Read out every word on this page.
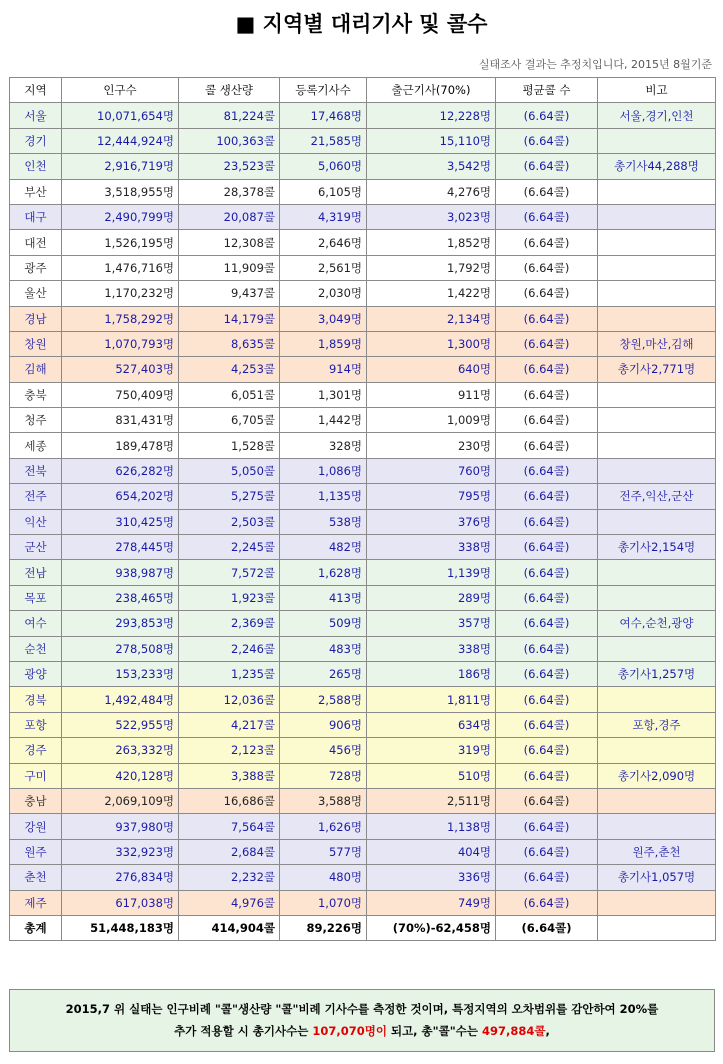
■ 지역별 대리기사 및 콜수
실태조사 결과는 추정치입니다, 2015년 8월기준
지역	인구수	콜 생산량	등록기사수	출근기사(70%)	평균콜 수	비고
서울	10,071,654명	81,224콜	17,468명	12,228명	(6.64콜)	서울,경기,인천
경기	12,444,924명	100,363콜	21,585명	15,110명	(6.64콜)	
인천	2,916,719명	23,523콜	5,060명	3,542명	(6.64콜)	총기사44,288명
부산	3,518,955명	28,378콜	6,105명	4,276명	(6.64콜)	
대구	2,490,799명	20,087콜	4,319명	3,023명	(6.64콜)	
대전	1,526,195명	12,308콜	2,646명	1,852명	(6.64콜)	
광주	1,476,716명	11,909콜	2,561명	1,792명	(6.64콜)	
울산	1,170,232명	9,437콜	2,030명	1,422명	(6.64콜)	
경남	1,758,292명	14,179콜	3,049명	2,134명	(6.64콜)	
창원	1,070,793명	8,635콜	1,859명	1,300명	(6.64콜)	창원,마산,김해
김해	527,403명	4,253콜	914명	640명	(6.64콜)	총기사2,771명
충북	750,409명	6,051콜	1,301명	911명	(6.64콜)	
청주	831,431명	6,705콜	1,442명	1,009명	(6.64콜)	
세종	189,478명	1,528콜	328명	230명	(6.64콜)	
전북	626,282명	5,050콜	1,086명	760명	(6.64콜)	
전주	654,202명	5,275콜	1,135명	795명	(6.64콜)	전주,익산,군산
익산	310,425명	2,503콜	538명	376명	(6.64콜)	
군산	278,445명	2,245콜	482명	338명	(6.64콜)	총기사2,154명
전남	938,987명	7,572콜	1,628명	1,139명	(6.64콜)	
목포	238,465명	1,923콜	413명	289명	(6.64콜)	
여수	293,853명	2,369콜	509명	357명	(6.64콜)	여수,순천,광양
순천	278,508명	2,246콜	483명	338명	(6.64콜)	
광양	153,233명	1,235콜	265명	186명	(6.64콜)	총기사1,257명
경북	1,492,484명	12,036콜	2,588명	1,811명	(6.64콜)	
포항	522,955명	4,217콜	906명	634명	(6.64콜)	포항,경주
경주	263,332명	2,123콜	456명	319명	(6.64콜)	
구미	420,128명	3,388콜	728명	510명	(6.64콜)	총기사2,090명
충남	2,069,109명	16,686콜	3,588명	2,511명	(6.64콜)	
강원	937,980명	7,564콜	1,626명	1,138명	(6.64콜)	
원주	332,923명	2,684콜	577명	404명	(6.64콜)	원주,춘천
춘천	276,834명	2,232콜	480명	336명	(6.64콜)	총기사1,057명
제주	617,038명	4,976콜	1,070명	749명	(6.64콜)	
총계	51,448,183명	414,904콜	89,226명	(70%)-62,458명	(6.64콜)	
2015,7 위 실태는 인구비례 "콜"생산량 "콜"비례 기사수를 측정한 것이며, 특정지역의 오차범위를 감안하여 20%를
추가 적용할 시 총기사수는 107,070명이 되고, 총"콜"수는 497,884콜,
